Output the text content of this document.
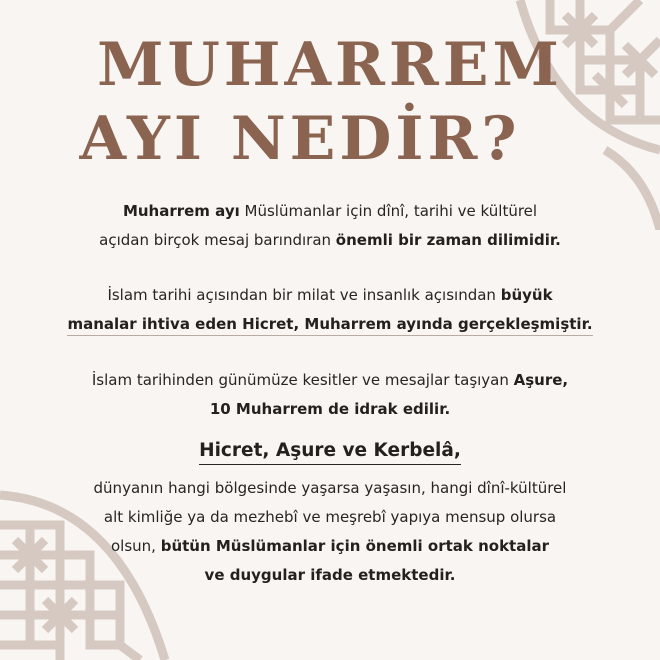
MUHARREM
AYI NEDİR?

Muharrem ayı Müslümanlar için dînî, tarihi ve kültürel
açıdan birçok mesaj barındıran önemli bir zaman dilimidir.

İslam tarihi açısından bir milat ve insanlık açısından büyük
manalar ihtiva eden Hicret, Muharrem ayında gerçekleşmiştir.

İslam tarihinden günümüze kesitler ve mesajlar taşıyan Aşure,
10 Muharrem de idrak edilir.

Hicret, Aşure ve Kerbelâ,

dünyanın hangi bölgesinde yaşarsa yaşasın, hangi dînî-kültürel
alt kimliğe ya da mezhebî ve meşrebî yapıya mensup olursa
olsun, bütün Müslümanlar için önemli ortak noktalar
ve duygular ifade etmektedir.
